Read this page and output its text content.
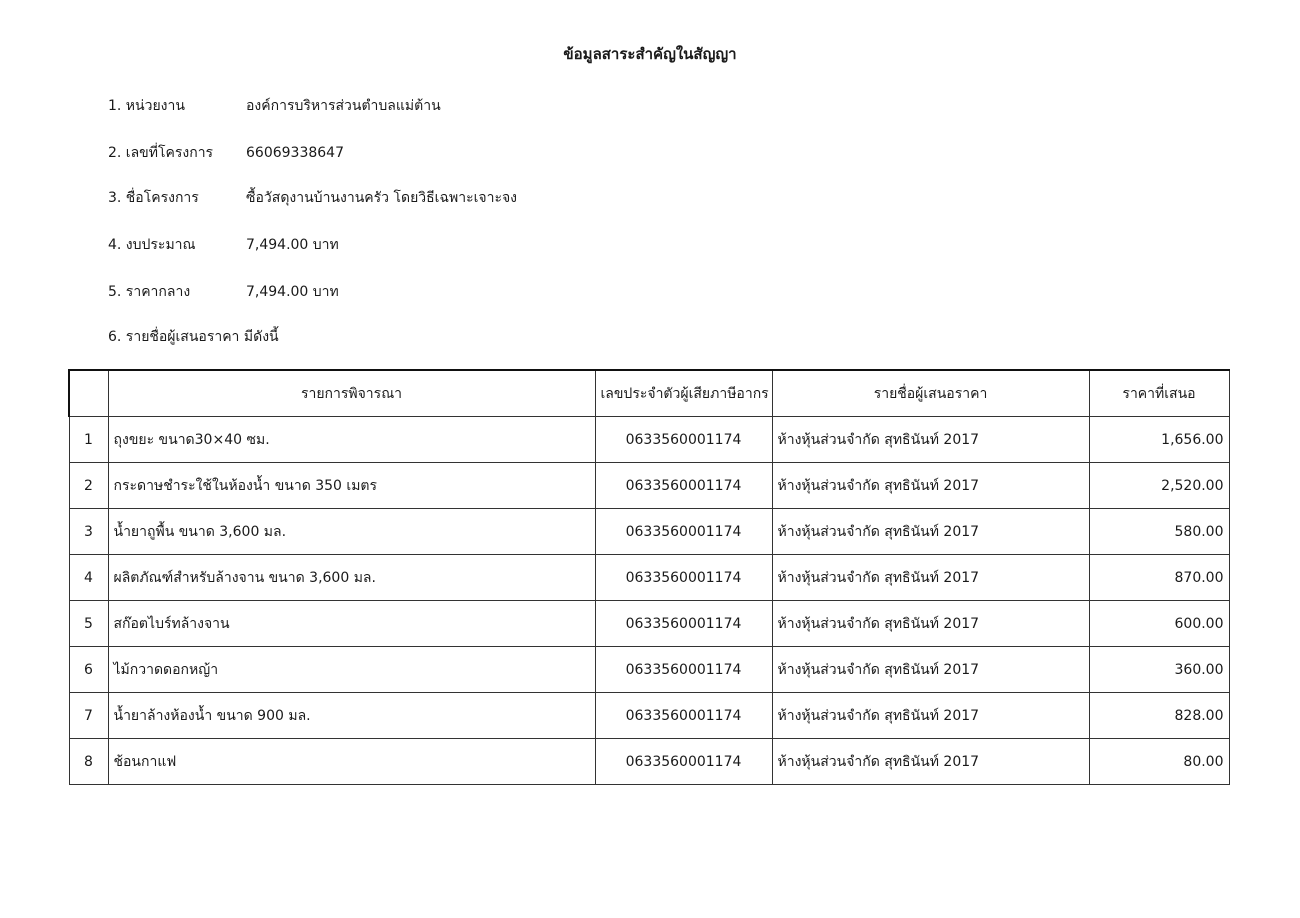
ข้อมูลสาระสำคัญในสัญญา
1. หน่วยงาน	องค์การบริหารส่วนตำบลแม่ต้าน
2. เลขที่โครงการ	66069338647
3. ชื่อโครงการ	ซื้อวัสดุงานบ้านงานครัว โดยวิธีเฉพาะเจาะจง
4. งบประมาณ	7,494.00 บาท
5. ราคากลาง	7,494.00 บาท
6. รายชื่อผู้เสนอราคา มีดังนี้
	รายการพิจารณา	เลขประจำตัวผู้เสียภาษีอากร	รายชื่อผู้เสนอราคา	ราคาที่เสนอ
1	ถุงขยะ ขนาด30×40 ซม.	0633560001174	ห้างหุ้นส่วนจำกัด สุทธินันท์ 2017	1,656.00
2	กระดาษชำระใช้ในห้องน้ำ ขนาด 350 เมตร	0633560001174	ห้างหุ้นส่วนจำกัด สุทธินันท์ 2017	2,520.00
3	น้ำยาถูพื้น ขนาด 3,600 มล.	0633560001174	ห้างหุ้นส่วนจำกัด สุทธินันท์ 2017	580.00
4	ผลิตภัณฑ์สำหรับล้างจาน ขนาด 3,600 มล.	0633560001174	ห้างหุ้นส่วนจำกัด สุทธินันท์ 2017	870.00
5	สก๊อตไบร์ทล้างจาน	0633560001174	ห้างหุ้นส่วนจำกัด สุทธินันท์ 2017	600.00
6	ไม้กวาดดอกหญ้า	0633560001174	ห้างหุ้นส่วนจำกัด สุทธินันท์ 2017	360.00
7	น้ำยาล้างห้องน้ำ ขนาด 900 มล.	0633560001174	ห้างหุ้นส่วนจำกัด สุทธินันท์ 2017	828.00
8	ช้อนกาแฟ	0633560001174	ห้างหุ้นส่วนจำกัด สุทธินันท์ 2017	80.00
